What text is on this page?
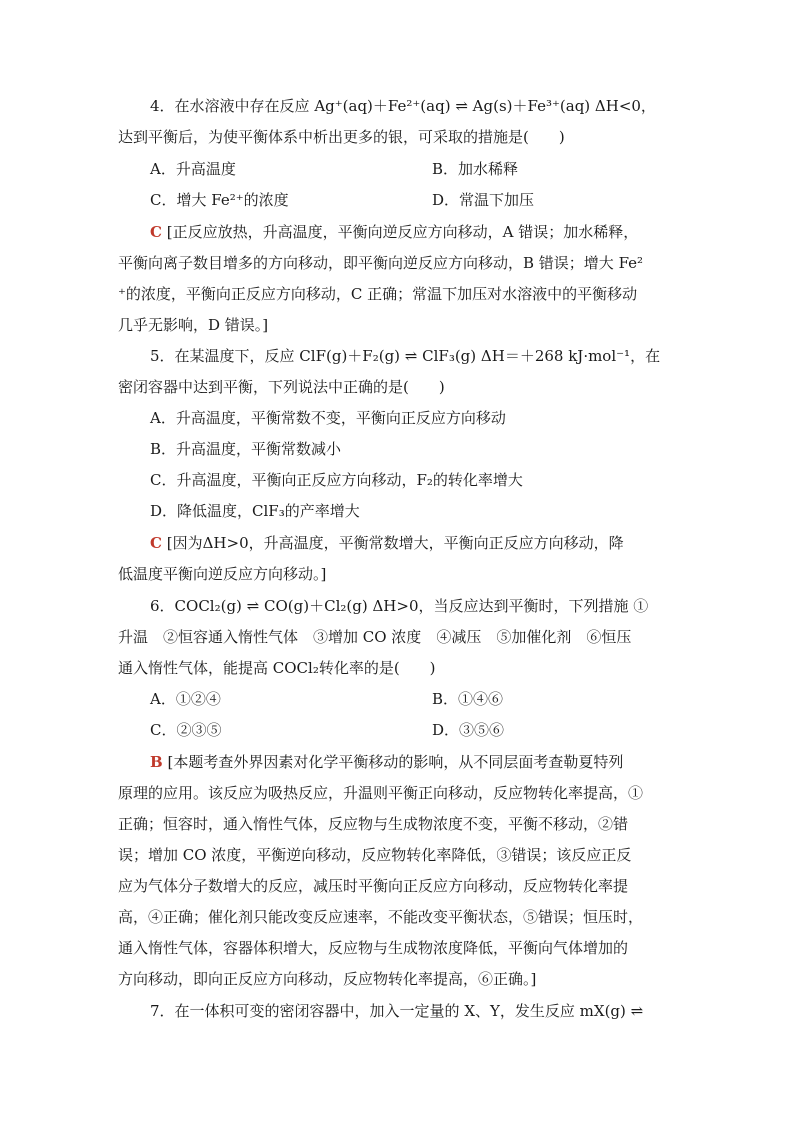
4．在水溶液中存在反应 Ag⁺(aq)＋Fe²⁺(aq) ⇌ Ag(s)＋Fe³⁺(aq) ΔH<0，
达到平衡后，为使平衡体系中析出更多的银，可采取的措施是(　　)
A．升高温度	B．加水稀释
C．增大 Fe²⁺的浓度	D．常温下加压
C [正反应放热，升高温度，平衡向逆反应方向移动，A 错误；加水稀释，
平衡向离子数目增多的方向移动，即平衡向逆反应方向移动，B 错误；增大 Fe²
⁺的浓度，平衡向正反应方向移动，C 正确；常温下加压对水溶液中的平衡移动
几乎无影响，D 错误。]
5．在某温度下，反应 ClF(g)＋F₂(g) ⇌ ClF₃(g) ΔH＝＋268 kJ·mol⁻¹，在
密闭容器中达到平衡，下列说法中正确的是(　　)
A．升高温度，平衡常数不变，平衡向正反应方向移动
B．升高温度，平衡常数减小
C．升高温度，平衡向正反应方向移动，F₂的转化率增大
D．降低温度，ClF₃的产率增大
C [因为ΔH>0，升高温度，平衡常数增大，平衡向正反应方向移动，降
低温度平衡向逆反应方向移动。]
6．COCl₂(g) ⇌ CO(g)＋Cl₂(g) ΔH>0，当反应达到平衡时，下列措施 ①
升温　②恒容通入惰性气体　③增加 CO 浓度　④减压　⑤加催化剂　⑥恒压
通入惰性气体，能提高 COCl₂转化率的是(　　)
A．①②④	B．①④⑥
C．②③⑤	D．③⑤⑥
B [本题考查外界因素对化学平衡移动的影响，从不同层面考查勒夏特列
原理的应用。该反应为吸热反应，升温则平衡正向移动，反应物转化率提高，①
正确；恒容时，通入惰性气体，反应物与生成物浓度不变，平衡不移动，②错
误；增加 CO 浓度，平衡逆向移动，反应物转化率降低，③错误；该反应正反
应为气体分子数增大的反应，减压时平衡向正反应方向移动，反应物转化率提
高，④正确；催化剂只能改变反应速率，不能改变平衡状态，⑤错误；恒压时，
通入惰性气体，容器体积增大，反应物与生成物浓度降低，平衡向气体增加的
方向移动，即向正反应方向移动，反应物转化率提高，⑥正确。]
7．在一体积可变的密闭容器中，加入一定量的 X、Y，发生反应 mX(g) ⇌
